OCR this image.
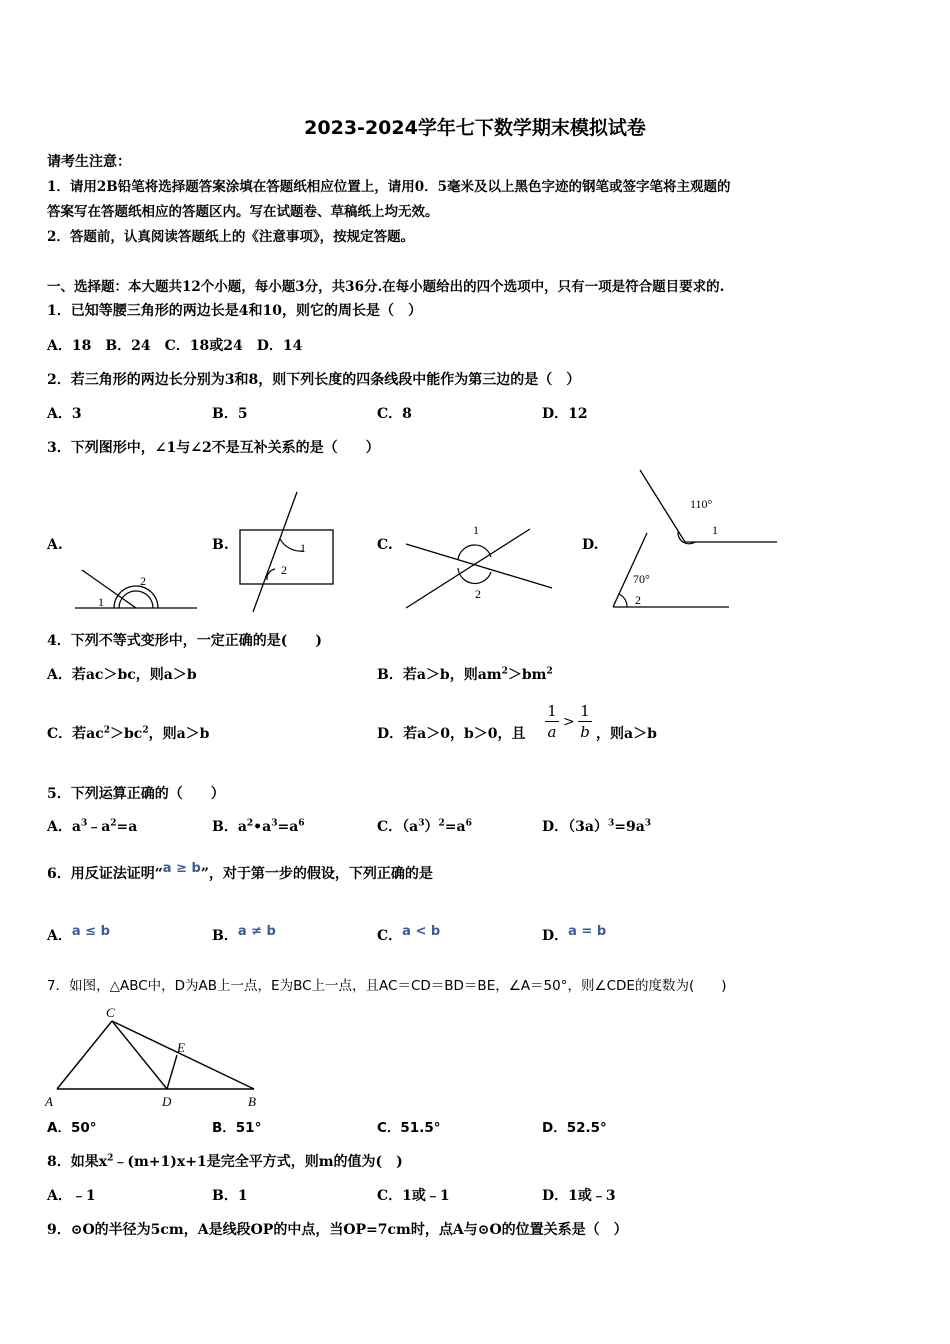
2023-2024学年七下数学期末模拟试卷
请考生注意：
1．请用2B铅笔将选择题答案涂填在答题纸相应位置上，请用0．5毫米及以上黑色字迹的钢笔或签字笔将主观题的
答案写在答题纸相应的答题区内。写在试题卷、草稿纸上均无效。
2．答题前，认真阅读答题纸上的《注意事项》，按规定答题。
一、选择题：本大题共12个小题，每小题3分，共36分.在每小题给出的四个选项中，只有一项是符合题目要求的.
1．已知等腰三角形的两边长是4和10，则它的周长是（　）
A．18　B．24　C．18或24　D．14
2．若三角形的两边长分别为3和8，则下列长度的四条线段中能作为第三边的是（　）
A．3	B．5	C．8	D．12
3．下列图形中，∠1与∠2不是互补关系的是（　　）
A.	B.	C.	D.
1
2
1
2
1
2
110°
1
70°
2
4．下列不等式变形中，一定正确的是(　　)
A．若ac＞bc，则a＞b	B．若a＞b，则$am^2>bm^2$
C．若$ac^2>bc^2$，则a＞b	D．若a＞0，b＞0，且
1
a
>
1
b ，则a＞b
5．下列运算正确的（　　）
A．$a^3﹣a^2=a$	B．$a^2•a^3=a^6$	C．$(a^3)^2=a^6$	D．$(3a)^3=9a^3$
6．用反证法证明“a ≥ b”，对于第一步的假设，下列正确的是
A．a ≤ b	B．a ≠ b	C．a < b	D．a = b
7．如图，△ABC中，D为AB上一点，E为BC上一点，且AC＝CD＝BD＝BE，∠A＝50°，则∠CDE的度数为(　　)
C
E
A	D	B
A．50°	B．51°	C．51.5°	D．52.5°
8．如果$x^2﹣(m+1)x+1$是完全平方式，则m的值为(　)
A．﹣1	B．1	C．1或﹣1	D．1或﹣3
9．⊙O的半径为5cm，A是线段OP的中点，当OP=7cm时，点A与⊙O的位置关系是（　）
